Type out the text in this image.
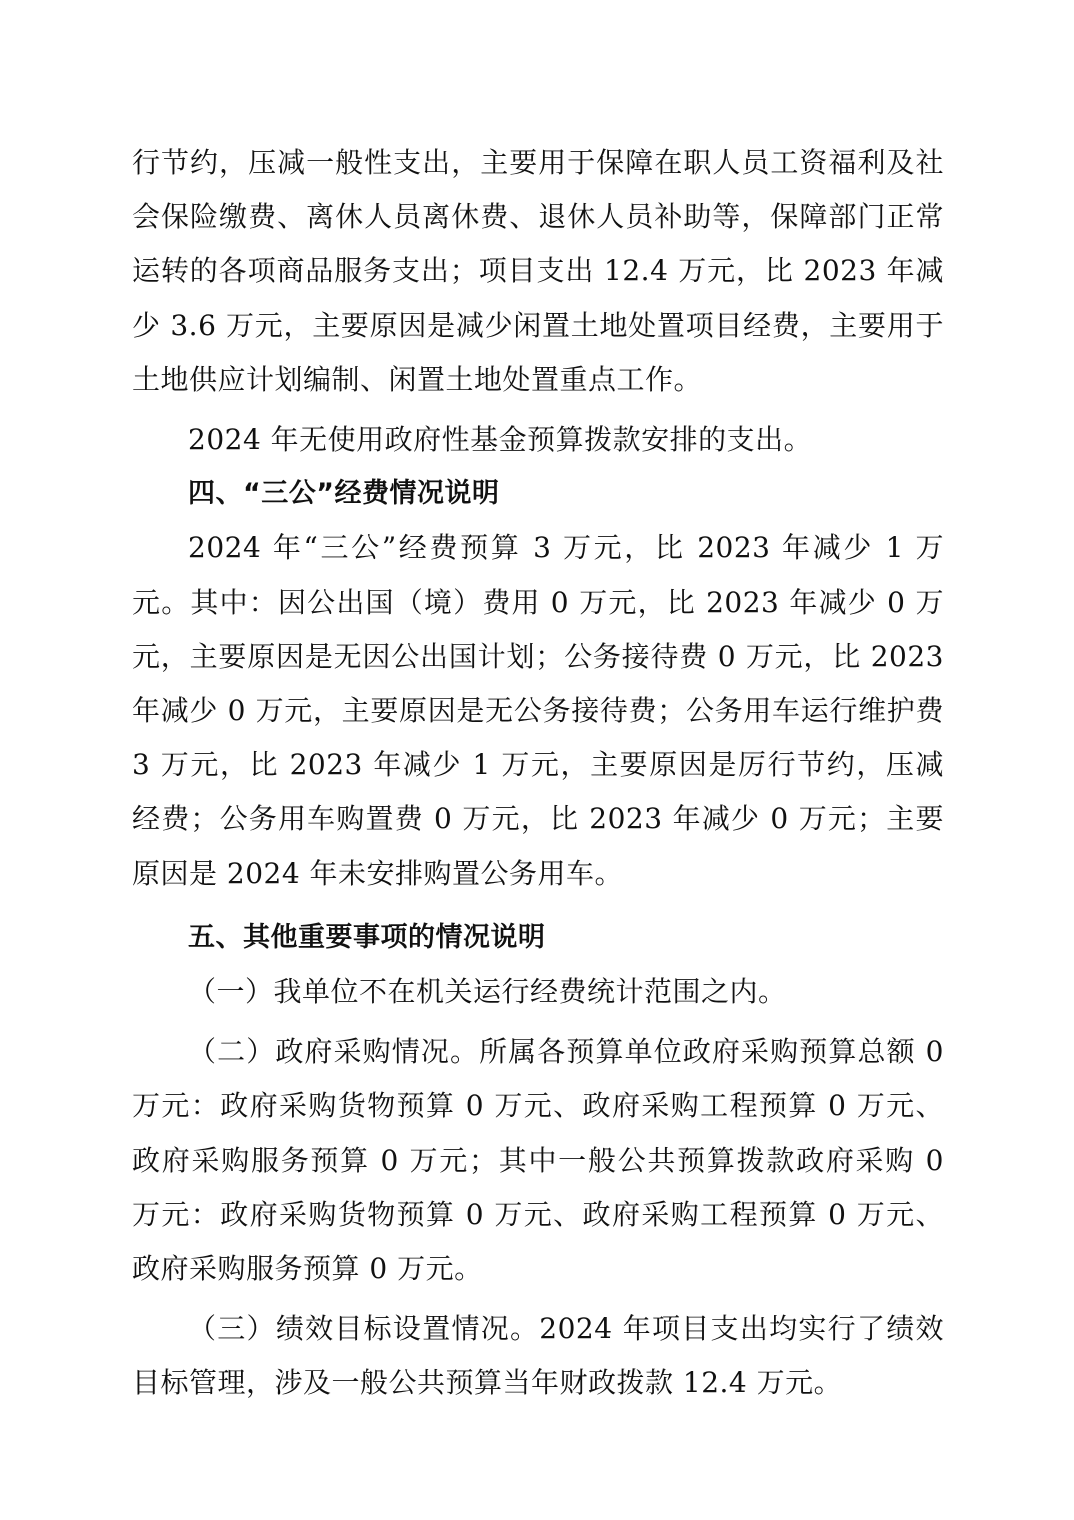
行节约，压减一般性支出，主要用于保障在职人员工资福利及社会保险缴费、离休人员离休费、退休人员补助等，保障部门正常运转的各项商品服务支出；项目支出 12.4 万元，比 2023 年减少 3.6 万元，主要原因是减少闲置土地处置项目经费，主要用于土地供应计划编制、闲置土地处置重点工作。

2024 年无使用政府性基金预算拨款安排的支出。

四、“三公”经费情况说明

2024 年“三公”经费预算 3 万元，比 2023 年减少 1 万元。其中：因公出国（境）费用 0 万元，比 2023 年减少 0 万元，主要原因是无因公出国计划；公务接待费 0 万元，比 2023 年减少 0 万元，主要原因是无公务接待费；公务用车运行维护费 3 万元，比 2023 年减少 1 万元，主要原因是厉行节约，压减经费；公务用车购置费 0 万元，比 2023 年减少 0 万元；主要原因是 2024 年未安排购置公务用车。

五、其他重要事项的情况说明

（一）我单位不在机关运行经费统计范围之内。

（二）政府采购情况。所属各预算单位政府采购预算总额 0 万元：政府采购货物预算 0 万元、政府采购工程预算 0 万元、政府采购服务预算 0 万元；其中一般公共预算拨款政府采购 0 万元：政府采购货物预算 0 万元、政府采购工程预算 0 万元、政府采购服务预算 0 万元。

（三）绩效目标设置情况。2024 年项目支出均实行了绩效目标管理，涉及一般公共预算当年财政拨款 12.4 万元。
